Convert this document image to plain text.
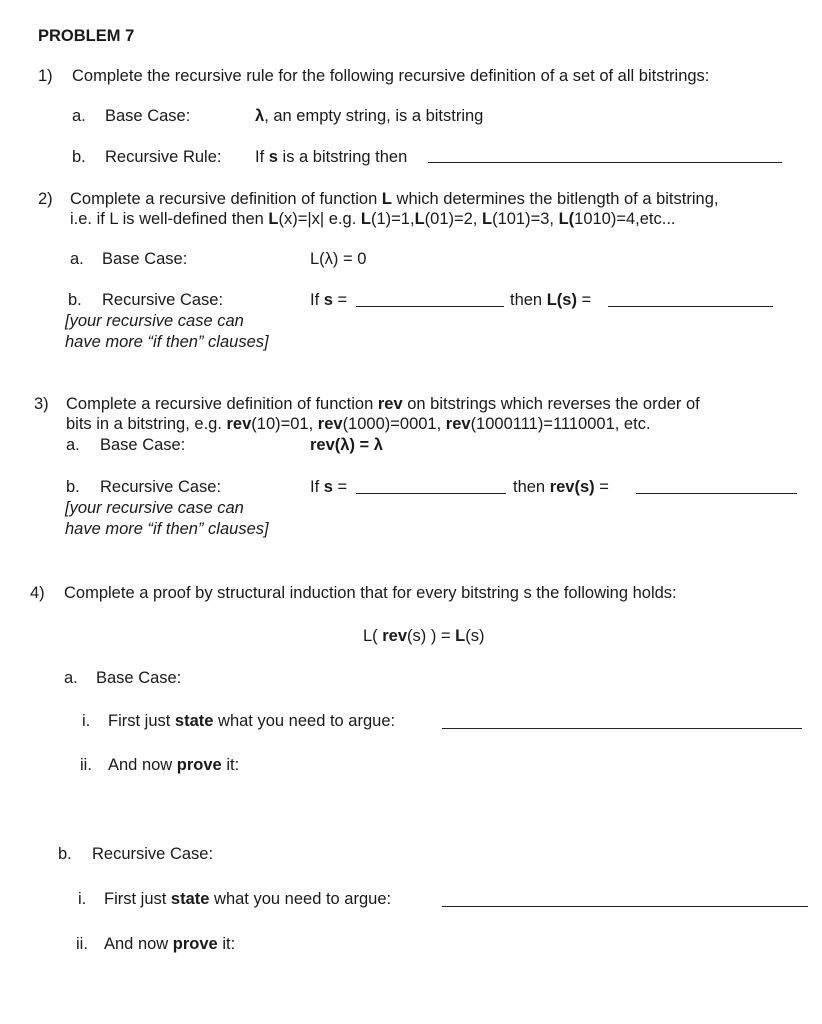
PROBLEM 7
1) Complete the recursive rule for the following recursive definition of a set of all bitstrings:
a. Base Case:	λ, an empty string, is a bitstring
b. Recursive Rule: If s is a bitstring then
2) Complete a recursive definition of function L which determines the bitlength of a bitstring,
i.e. if L is well-defined then L(x)=|x| e.g. L(1)=1,L(01)=2, L(101)=3, L(1010)=4,etc...
a. Base Case:	L(λ) = 0
b. Recursive Case:	If s =	then L(s) =
[your recursive case can
have more “if then” clauses]
3) Complete a recursive definition of function rev on bitstrings which reverses the order of
bits in a bitstring, e.g. rev(10)=01, rev(1000)=0001, rev(1000111)=1110001, etc.
a. Base Case:	rev(λ) = λ
b. Recursive Case:	If s =	then rev(s) =
[your recursive case can
have more “if then” clauses]
4) Complete a proof by structural induction that for every bitstring s the following holds:
L( rev(s) ) = L(s)
a. Base Case:
i. First just state what you need to argue:
ii. And now prove it:
b. Recursive Case:
i. First just state what you need to argue:
ii. And now prove it:
